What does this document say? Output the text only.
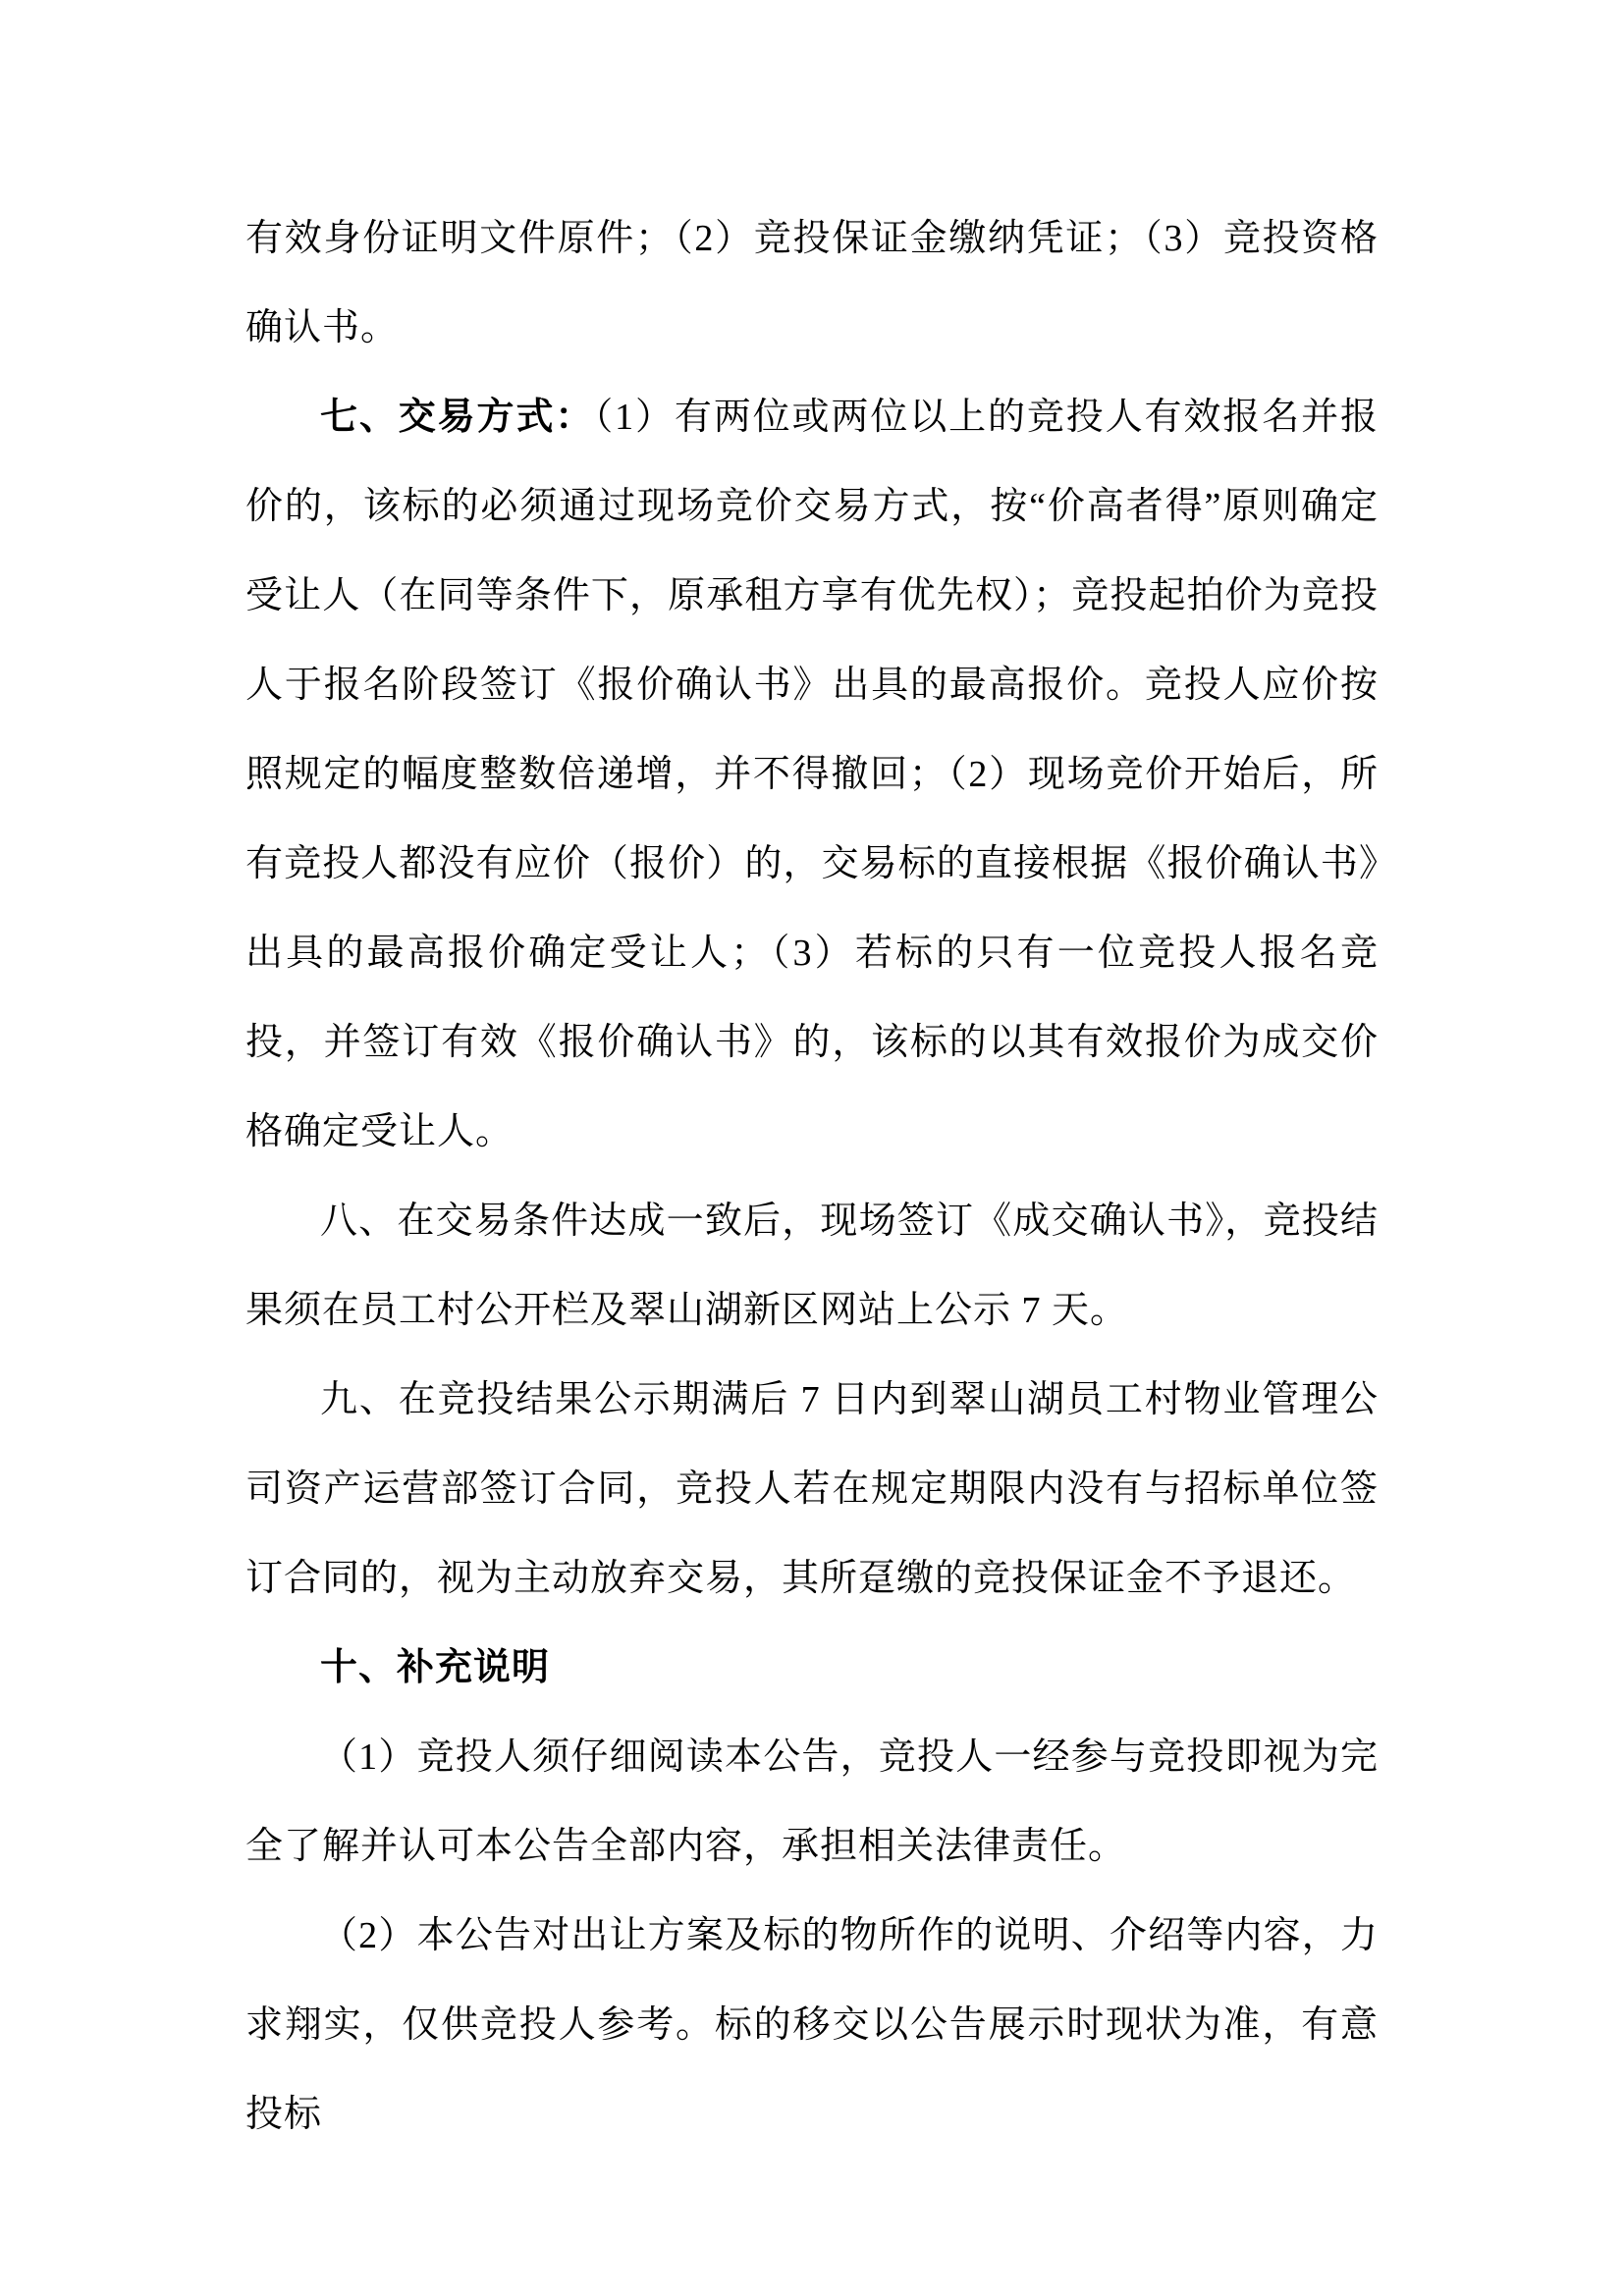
有效身份证明文件原件；（2）竞投保证金缴纳凭证；（3）竞投资格确认书。

七、交易方式：（1）有两位或两位以上的竞投人有效报名并报价的，该标的必须通过现场竞价交易方式，按“价高者得”原则确定受让人（在同等条件下，原承租方享有优先权）；竞投起拍价为竞投人于报名阶段签订《报价确认书》出具的最高报价。竞投人应价按照规定的幅度整数倍递增，并不得撤回；（2）现场竞价开始后，所有竞投人都没有应价（报价）的，交易标的直接根据《报价确认书》出具的最高报价确定受让人；（3）若标的只有一位竞投人报名竞投，并签订有效《报价确认书》的，该标的以其有效报价为成交价格确定受让人。

八、在交易条件达成一致后，现场签订《成交确认书》，竞投结果须在员工村公开栏及翠山湖新区网站上公示 7 天。

九、在竞投结果公示期满后 7 日内到翠山湖员工村物业管理公司资产运营部签订合同，竞投人若在规定期限内没有与招标单位签订合同的，视为主动放弃交易，其所趸缴的竞投保证金不予退还。

十、补充说明

（1）竞投人须仔细阅读本公告，竞投人一经参与竞投即视为完全了解并认可本公告全部内容，承担相关法律责任。

（2）本公告对出让方案及标的物所作的说明、介绍等内容，力求翔实，仅供竞投人参考。标的移交以公告展示时现状为准，有意投标
